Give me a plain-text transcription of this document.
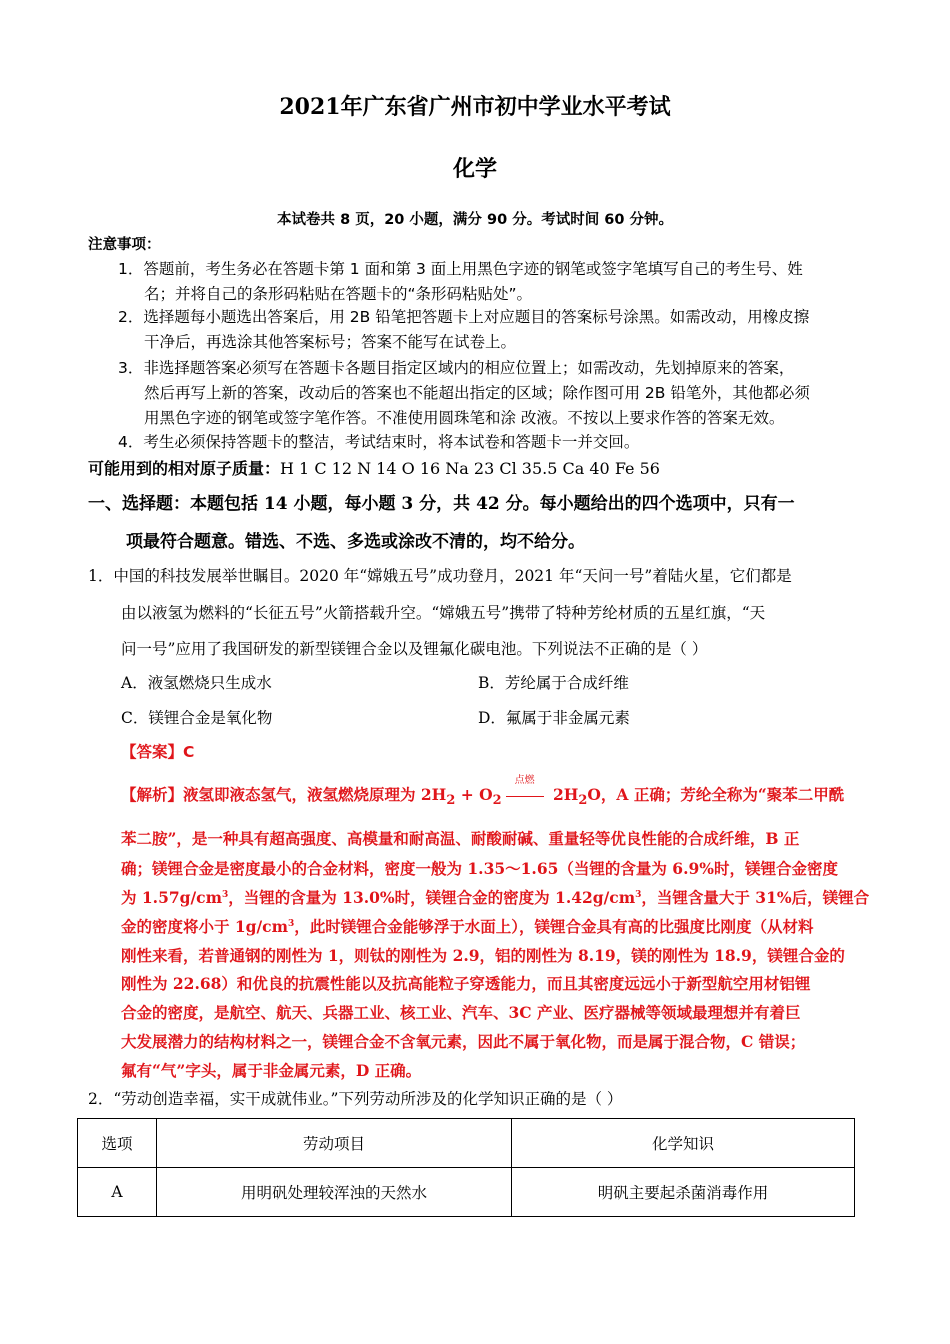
2021年广东省广州市初中学业水平考试
化学
本试卷共 8 页，20 小题，满分 90 分。考试时间 60 分钟。
注意事项：
1．答题前，考生务必在答题卡第 1 面和第 3 面上用黑色字迹的钢笔或签字笔填写自己的考生号、姓
名；并将自己的条形码粘贴在答题卡的“条形码粘贴处”。
2．选择题每小题选出答案后，用 2B 铅笔把答题卡上对应题目的答案标号涂黑。如需改动，用橡皮擦
干净后，再选涂其他答案标号；答案不能写在试卷上。
3．非选择题答案必须写在答题卡各题目指定区域内的相应位置上；如需改动，先划掉原来的答案，
然后再写上新的答案，改动后的答案也不能超出指定的区域；除作图可用 2B 铅笔外，其他都必须
用黑色字迹的钢笔或签字笔作答。不准使用圆珠笔和涂 改液。不按以上要求作答的答案无效。
4．考生必须保持答题卡的整洁，考试结束时，将本试卷和答题卡一并交回。
可能用到的相对原子质量：H 1 C 12 N 14 O 16 Na 23 Cl 35.5 Ca 40 Fe 56
一、选择题：本题包括 14 小题，每小题 3 分，共 42 分。每小题给出的四个选项中，只有一
项最符合题意。错选、不选、多选或涂改不清的，均不给分。
1．中国的科技发展举世瞩目。2020 年“嫦娥五号”成功登月，2021 年“天问一号”着陆火星，它们都是
由以液氢为燃料的“长征五号”火箭搭载升空。“嫦娥五号”携带了特种芳纶材质的五星红旗，“天
问一号”应用了我国研发的新型镁锂合金以及锂氟化碳电池。下列说法不正确的是（ ）
A．液氢燃烧只生成水	B．芳纶属于合成纤维
C．镁锂合金是氧化物	D．氟属于非金属元素
【答案】C
【解析】液氢即液态氢气，液氢燃烧原理为 $2H_2 + O_2$
点燃
$2H_2O$，A 正确；芳纶全称为“聚苯二甲酰
苯二胺”，是一种具有超高强度、高模量和耐高温、耐酸耐碱、重量轻等优良性能的合成纤维，B 正
确；镁锂合金是密度最小的合金材料，密度一般为 1.35～1.65（当锂的含量为 6.9%时，镁锂合金密度
为 $1.57g/cm^3$，当锂的含量为 13.0%时，镁锂合金的密度为 $1.42g/cm^3$，当锂含量大于 31%后，镁锂合
金的密度将小于 $1g/cm^3$，此时镁锂合金能够浮于水面上），镁锂合金具有高的比强度比刚度（从材料
刚性来看，若普通钢的刚性为 1，则钛的刚性为 2.9，铝的刚性为 8.19，镁的刚性为 18.9，镁锂合金的
刚性为 22.68）和优良的抗震性能以及抗高能粒子穿透能力，而且其密度远远小于新型航空用材铝锂
合金的密度，是航空、航天、兵器工业、核工业、汽车、3C 产业、医疗器械等领域最理想并有着巨
大发展潜力的结构材料之一，镁锂合金不含氧元素，因此不属于氧化物，而是属于混合物，C 错误；
氟有“气”字头，属于非金属元素，D 正确。
2．“劳动创造幸福，实干成就伟业。”下列劳动所涉及的化学知识正确的是（ ）
选项	劳动项目	化学知识
A	用明矾处理较浑浊的天然水	明矾主要起杀菌消毒作用
